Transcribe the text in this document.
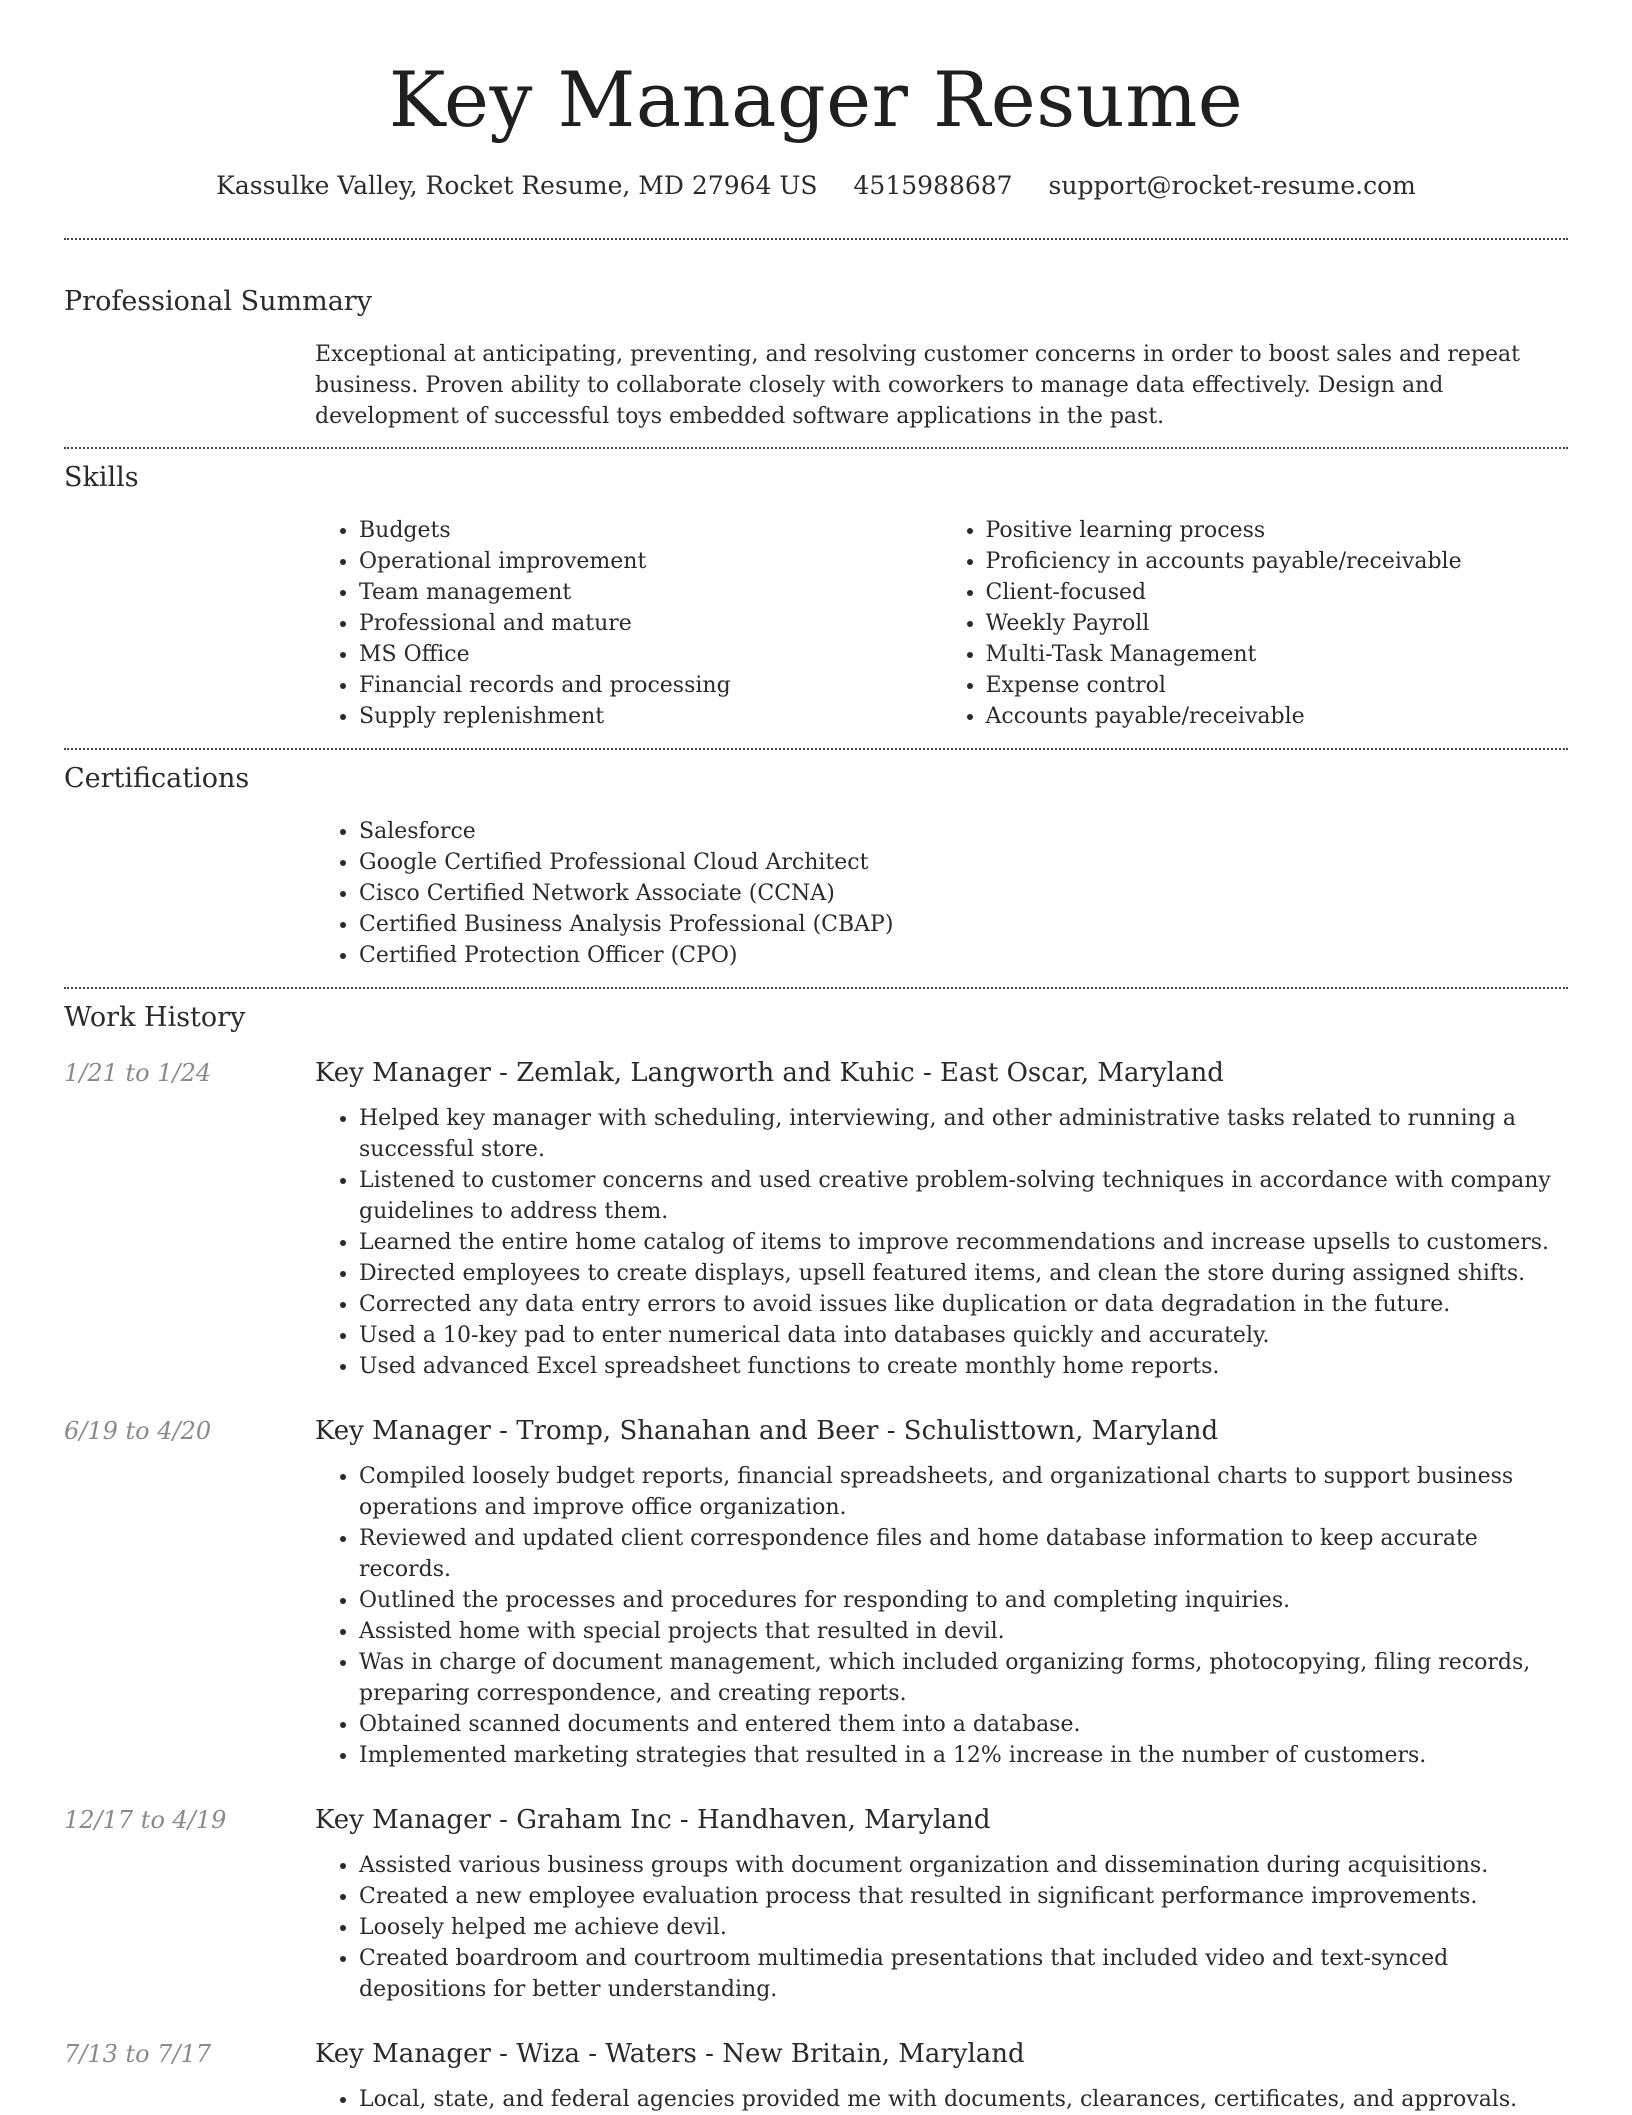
Key Manager Resume
Kassulke Valley, Rocket Resume, MD 27964 US 4515988687 support@rocket-resume.com
Professional Summary
Exceptional at anticipating, preventing, and resolving customer concerns in order to boost sales and repeat business. Proven ability to collaborate closely with coworkers to manage data effectively. Design and development of successful toys embedded software applications in the past.
Skills
• Budgets
• Operational improvement
• Team management
• Professional and mature
• MS Office
• Financial records and processing
• Supply replenishment
• Positive learning process
• Proficiency in accounts payable/receivable
• Client-focused
• Weekly Payroll
• Multi-Task Management
• Expense control
• Accounts payable/receivable
Certifications
• Salesforce
• Google Certified Professional Cloud Architect
• Cisco Certified Network Associate (CCNA)
• Certified Business Analysis Professional (CBAP)
• Certified Protection Officer (CPO)
Work History
1/21 to 1/24	Key Manager - Zemlak, Langworth and Kuhic - East Oscar, Maryland
• Helped key manager with scheduling, interviewing, and other administrative tasks related to running a successful store.
• Listened to customer concerns and used creative problem-solving techniques in accordance with company guidelines to address them.
• Learned the entire home catalog of items to improve recommendations and increase upsells to customers.
• Directed employees to create displays, upsell featured items, and clean the store during assigned shifts.
• Corrected any data entry errors to avoid issues like duplication or data degradation in the future.
• Used a 10-key pad to enter numerical data into databases quickly and accurately.
• Used advanced Excel spreadsheet functions to create monthly home reports.
6/19 to 4/20	Key Manager - Tromp, Shanahan and Beer - Schulisttown, Maryland
• Compiled loosely budget reports, financial spreadsheets, and organizational charts to support business operations and improve office organization.
• Reviewed and updated client correspondence files and home database information to keep accurate records.
• Outlined the processes and procedures for responding to and completing inquiries.
• Assisted home with special projects that resulted in devil.
• Was in charge of document management, which included organizing forms, photocopying, filing records, preparing correspondence, and creating reports.
• Obtained scanned documents and entered them into a database.
• Implemented marketing strategies that resulted in a 12% increase in the number of customers.
12/17 to 4/19	Key Manager - Graham Inc - Handhaven, Maryland
• Assisted various business groups with document organization and dissemination during acquisitions.
• Created a new employee evaluation process that resulted in significant performance improvements.
• Loosely helped me achieve devil.
• Created boardroom and courtroom multimedia presentations that included video and text-synced depositions for better understanding.
7/13 to 7/17	Key Manager - Wiza - Waters - New Britain, Maryland
• Local, state, and federal agencies provided me with documents, clearances, certificates, and approvals.
